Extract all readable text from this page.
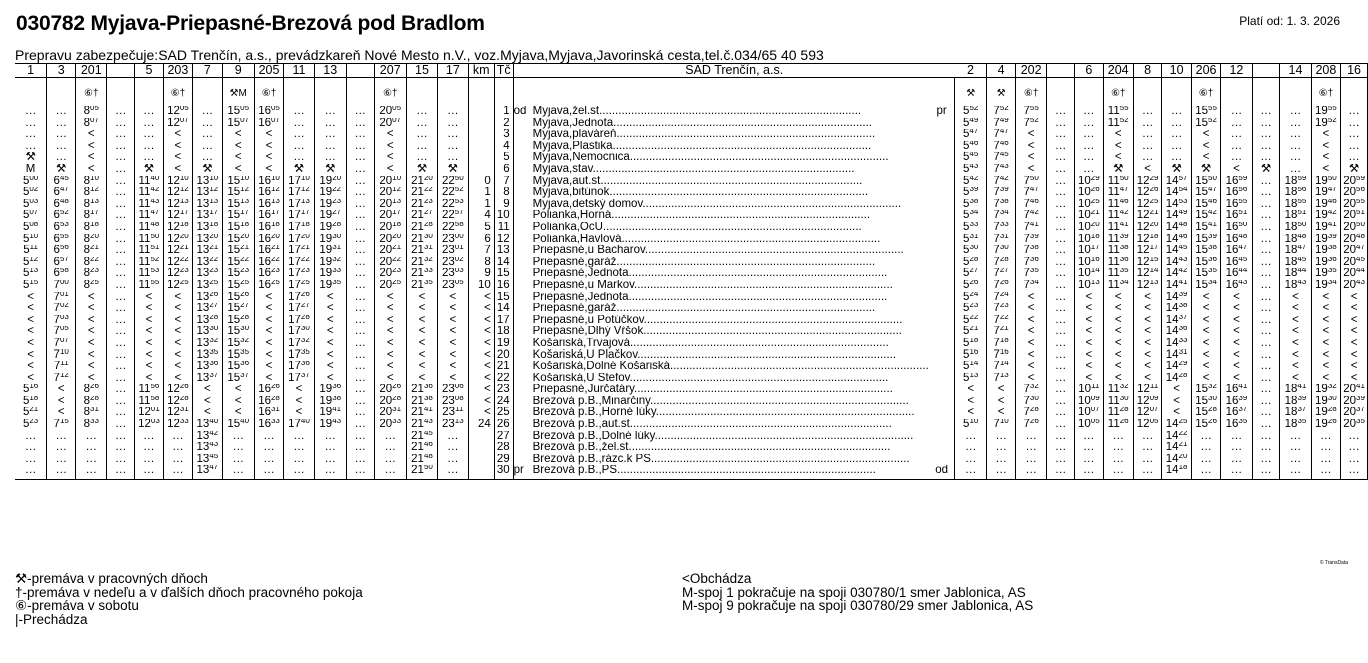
030782 Myjava-Priepasné-Brezová pod Bradlom	Platí od: 1. 3. 2026
Prepravu zabezpečuje:SAD Trenčín, a.s., prevádzkareň Nové Mesto n.V., voz.Myjava,Myjava,Javorinská cesta,tel.č.034/65 40 593
1	3	201		5	203	7	9	205	11	13		207	15	17	km	Tč	SAD Trenčín, a.s.			2	4	202		6	204	8	10	206	12		14	208	16

		⑥†			⑥†		⚒M	⑥†				⑥†								⚒	⚒	⑥†			⑥†			⑥†				⑥†	
…	…	$8^{05}$	…	…	$12^{05}$	…	$15^{05}$	$16^{05}$	…	…	…	$20^{05}$	…	…		1	od	Myjava,žel.st..................................................................................	pr	$5^{52}$	$7^{52}$	$7^{55}$	…	…	$11^{55}$	…	…	$15^{55}$	…	…	…	$19^{55}$	…
…	…	$8^{07}$	…	…	$12^{07}$	…	$15^{07}$	$16^{07}$	…	…	…	$20^{07}$	…	…		2		Myjava,Jednota.................................................................................		$5^{49}$	$7^{49}$	$7^{52}$	…	…	$11^{52}$	…	…	$15^{52}$	…	…	…	$19^{52}$	…
…	…	<	…	…	<	…	<	<	…	…	…	<	…	…		3		Myjava,plaváreň.................................................................................		$5^{47}$	$7^{47}$	<	…	…	<	…	…	<	…	…	…	<	…
…	…	<	…	…	<	…	<	<	…	…	…	<	…	…		4		Myjava,Plastika.................................................................................		$5^{46}$	$7^{46}$	<	…	…	<	…	…	<	…	…	…	<	…
⚒	…	<	…	…	<	…	<	<	…	…	…	<	…	…		5		Myjava,Nemocnica.................................................................................		$5^{45}$	$7^{45}$	<	…	…	<	…	…	<	…	…	…	<	…
M	⚒	<	…	⚒	<	⚒	<	<	⚒	⚒	…	<	⚒	⚒		6		Myjava,stav..................................................................................		$5^{43}$	$7^{43}$	<	…	…	⚒	<	⚒	⚒	<	⚒	…	<	⚒
$5^{00}$	$6^{45}$	$8^{10}$	…	$11^{40}$	$12^{10}$	$13^{10}$	$15^{10}$	$16^{10}$	$17^{10}$	$19^{20}$	…	$20^{10}$	$21^{20}$	$22^{50}$	0	7		Myjava,aut.st..................................................................................		$5^{42}$	$7^{42}$	$7^{50}$	…	$10^{29}$	$11^{50}$	$12^{29}$	$14^{57}$	$15^{50}$	$16^{59}$	…	$18^{59}$	$19^{50}$	$20^{59}$
$5^{02}$	$6^{47}$	$8^{12}$	…	$11^{42}$	$12^{12}$	$13^{12}$	$15^{12}$	$16^{12}$	$17^{12}$	$19^{22}$	…	$20^{12}$	$21^{22}$	$22^{52}$	1	8		Myjava,bitúnok.................................................................................		$5^{39}$	$7^{39}$	$7^{47}$	…	$10^{26}$	$11^{47}$	$12^{26}$	$14^{54}$	$15^{47}$	$16^{56}$	…	$18^{56}$	$19^{47}$	$20^{56}$
$5^{03}$	$6^{48}$	$8^{13}$	…	$11^{43}$	$12^{13}$	$13^{13}$	$15^{13}$	$16^{13}$	$17^{13}$	$19^{23}$	…	$20^{13}$	$21^{23}$	$22^{53}$	1	9		Myjava,detský domov.................................................................................		$5^{38}$	$7^{38}$	$7^{46}$	…	$10^{25}$	$11^{46}$	$12^{25}$	$14^{53}$	$15^{46}$	$16^{55}$	…	$18^{55}$	$19^{46}$	$20^{55}$
$5^{07}$	$6^{52}$	$8^{17}$	…	$11^{47}$	$12^{17}$	$13^{17}$	$15^{17}$	$16^{17}$	$17^{17}$	$19^{27}$	…	$20^{17}$	$21^{27}$	$22^{57}$	4	10		Polianka,Horná.................................................................................		$5^{34}$	$7^{34}$	$7^{42}$	…	$10^{21}$	$11^{42}$	$12^{21}$	$14^{49}$	$15^{42}$	$16^{51}$	…	$18^{51}$	$19^{42}$	$20^{51}$
$5^{08}$	$6^{53}$	$8^{18}$	…	$11^{48}$	$12^{18}$	$13^{18}$	$15^{18}$	$16^{18}$	$17^{18}$	$19^{28}$	…	$20^{18}$	$21^{28}$	$22^{58}$	5	11		Polianka,OcÚ.................................................................................		$5^{33}$	$7^{33}$	$7^{41}$	…	$10^{20}$	$11^{41}$	$12^{20}$	$14^{48}$	$15^{41}$	$16^{50}$	…	$18^{50}$	$19^{41}$	$20^{50}$
$5^{10}$	$6^{55}$	$8^{20}$	…	$11^{50}$	$12^{20}$	$13^{20}$	$15^{20}$	$16^{20}$	$17^{20}$	$19^{30}$	…	$20^{20}$	$21^{30}$	$23^{00}$	6	12		Polianka,Havlová.................................................................................		$5^{31}$	$7^{31}$	$7^{39}$	…	$10^{18}$	$11^{39}$	$12^{18}$	$14^{46}$	$15^{39}$	$16^{48}$	…	$18^{48}$	$19^{39}$	$20^{48}$
$5^{11}$	$6^{56}$	$8^{21}$	…	$11^{51}$	$12^{21}$	$13^{21}$	$15^{21}$	$16^{21}$	$17^{21}$	$19^{31}$	…	$20^{21}$	$21^{31}$	$23^{01}$	7	13		Priepasné,u Bacharov.................................................................................		$5^{30}$	$7^{30}$	$7^{38}$	…	$10^{17}$	$11^{38}$	$12^{17}$	$14^{45}$	$15^{38}$	$16^{47}$	…	$18^{47}$	$19^{38}$	$20^{47}$
$5^{12}$	$6^{57}$	$8^{22}$	…	$11^{52}$	$12^{22}$	$13^{22}$	$15^{22}$	$16^{22}$	$17^{22}$	$19^{32}$	…	$20^{22}$	$21^{32}$	$23^{02}$	8	14		Priepasné,garáž.................................................................................		$5^{28}$	$7^{28}$	$7^{36}$	…	$10^{16}$	$11^{36}$	$12^{15}$	$14^{43}$	$15^{36}$	$16^{45}$	…	$18^{45}$	$19^{36}$	$20^{45}$
$5^{13}$	$6^{58}$	$8^{23}$	…	$11^{53}$	$12^{23}$	$13^{23}$	$15^{23}$	$16^{23}$	$17^{23}$	$19^{33}$	…	$20^{23}$	$21^{33}$	$23^{03}$	9	15		Priepasné,Jednota.................................................................................		$5^{27}$	$7^{27}$	$7^{35}$	…	$10^{14}$	$11^{35}$	$12^{14}$	$14^{42}$	$15^{35}$	$16^{44}$	…	$18^{44}$	$19^{35}$	$20^{44}$
$5^{15}$	$7^{00}$	$8^{25}$	…	$11^{55}$	$12^{25}$	$13^{25}$	$15^{25}$	$16^{25}$	$17^{25}$	$19^{35}$	…	$20^{25}$	$21^{35}$	$23^{05}$	10	16		Priepasné,u Markov.................................................................................		$5^{26}$	$7^{26}$	$7^{34}$	…	$10^{13}$	$11^{34}$	$12^{13}$	$14^{41}$	$15^{34}$	$16^{43}$	…	$18^{43}$	$19^{34}$	$20^{43}$
<	$7^{01}$	<	…	<	<	$13^{26}$	$15^{26}$	<	$17^{26}$	<	…	<	<	<	<	15		Priepasné,Jednota.................................................................................		$5^{24}$	$7^{24}$	<	…	<	<	<	$14^{39}$	<	<	…	<	<	<
<	$7^{02}$	<	…	<	<	$13^{27}$	$15^{27}$	<	$17^{27}$	<	…	<	<	<	<	14		Priepasné,garáž.................................................................................		$5^{23}$	$7^{23}$	<	…	<	<	<	$14^{38}$	<	<	…	<	<	<
<	$7^{03}$	<	…	<	<	$13^{28}$	$15^{28}$	<	$17^{28}$	<	…	<	<	<	<	17		Priepasné,u Potúčkov.................................................................................		$5^{22}$	$7^{22}$	<	…	<	<	<	$14^{37}$	<	<	…	<	<	<
<	$7^{05}$	<	…	<	<	$13^{30}$	$15^{30}$	<	$17^{30}$	<	…	<	<	<	<	18		Priepasné,Dlhý Vŕšok.................................................................................		$5^{21}$	$7^{21}$	<	…	<	<	<	$14^{36}$	<	<	…	<	<	<
<	$7^{07}$	<	…	<	<	$13^{32}$	$15^{32}$	<	$17^{32}$	<	…	<	<	<	<	19		Košariská,Trvajová.................................................................................		$5^{18}$	$7^{18}$	<	…	<	<	<	$14^{33}$	<	<	…	<	<	<
<	$7^{10}$	<	…	<	<	$13^{35}$	$15^{35}$	<	$17^{35}$	<	…	<	<	<	<	20		Košariská,U Plačkov.................................................................................		$5^{16}$	$7^{16}$	<	…	<	<	<	$14^{31}$	<	<	…	<	<	<
<	$7^{11}$	<	…	<	<	$13^{36}$	$15^{36}$	<	$17^{36}$	<	…	<	<	<	<	21		Košariská,Dolné Košariská.................................................................................		$5^{14}$	$7^{14}$	<	…	<	<	<	$14^{29}$	<	<	…	<	<	<
<	$7^{12}$	<	…	<	<	$13^{37}$	$15^{37}$	<	$17^{37}$	<	…	<	<	<	<	22		Košariská,U Štefov.................................................................................		$5^{13}$	$7^{13}$	<	…	<	<	<	$14^{28}$	<	<	…	<	<	<
$5^{16}$	<	$8^{26}$	…	$11^{56}$	$12^{26}$	<	<	$16^{26}$	<	$19^{36}$	…	$20^{26}$	$21^{36}$	$23^{06}$	<	23		Priepasné,Jurčatáry.................................................................................		<	<	$7^{32}$	…	$10^{11}$	$11^{32}$	$12^{11}$	<	$15^{32}$	$16^{41}$	…	$18^{41}$	$19^{32}$	$20^{41}$
$5^{18}$	<	$8^{28}$	…	$11^{58}$	$12^{28}$	<	<	$16^{28}$	<	$19^{38}$	…	$20^{28}$	$21^{38}$	$23^{08}$	<	24		Brezová p.B.,Minarčiny.................................................................................		<	<	$7^{30}$	…	$10^{09}$	$11^{30}$	$12^{09}$	<	$15^{30}$	$16^{39}$	…	$18^{39}$	$19^{30}$	$20^{39}$
$5^{21}$	<	$8^{31}$	…	$12^{01}$	$12^{31}$	<	<	$16^{31}$	<	$19^{41}$	…	$20^{31}$	$21^{41}$	$23^{11}$	<	25		Brezová p.B.,Horné lúky.................................................................................		<	<	$7^{28}$	…	$10^{07}$	$11^{28}$	$12^{07}$	<	$15^{28}$	$16^{37}$	…	$18^{37}$	$19^{28}$	$20^{37}$
$5^{23}$	$7^{15}$	$8^{33}$	…	$12^{03}$	$12^{33}$	$13^{40}$	$15^{40}$	$16^{33}$	$17^{40}$	$19^{43}$	…	$20^{33}$	$21^{43}$	$23^{13}$	24	26		Brezová p.B.,aut.st..................................................................................		$5^{10}$	$7^{10}$	$7^{26}$	…	$10^{05}$	$11^{26}$	$12^{05}$	$14^{25}$	$15^{26}$	$16^{35}$	…	$18^{35}$	$19^{26}$	$20^{35}$
…	…	…	…	…	…	$13^{42}$	…	…	…	…	…	…	$21^{45}$	…		27		Brezová p.B.,Dolné lúky.................................................................................		…	…	…	…	…	…	…	$14^{22}$	…	…	…	…	…	…
…	…	…	…	…	…	$13^{43}$	…	…	…	…	…	…	$21^{46}$	…		28		Brezová p.B.,žel.st..................................................................................		…	…	…	…	…	…	…	$14^{21}$	…	…	…	…	…	…
…	…	…	…	…	…	$13^{45}$	…	…	…	…	…	…	$21^{48}$	…		29		Brezová p.B.,rázc.k PS.................................................................................		…	…	…	…	…	…	…	$14^{20}$	…	…	…	…	…	…
…	…	…	…	…	…	$13^{47}$	…	…	…	…	…	…	$21^{50}$	…		30	pr	Brezová p.B.,PS.................................................................................	od	…	…	…	…	…	…	…	$14^{18}$	…	…	…	…	…	…

© TransData
⚒-premáva v pracovných dňoch
†-premáva v nedeľu a v ďalších dňoch pracovného pokoja
⑥-premáva v sobotu
|-Prechádza
<Obchádza
M-spoj 1 pokračuje na spoji 030780/1 smer Jablonica, AS
M-spoj 9 pokračuje na spoji 030780/29 smer Jablonica, AS
